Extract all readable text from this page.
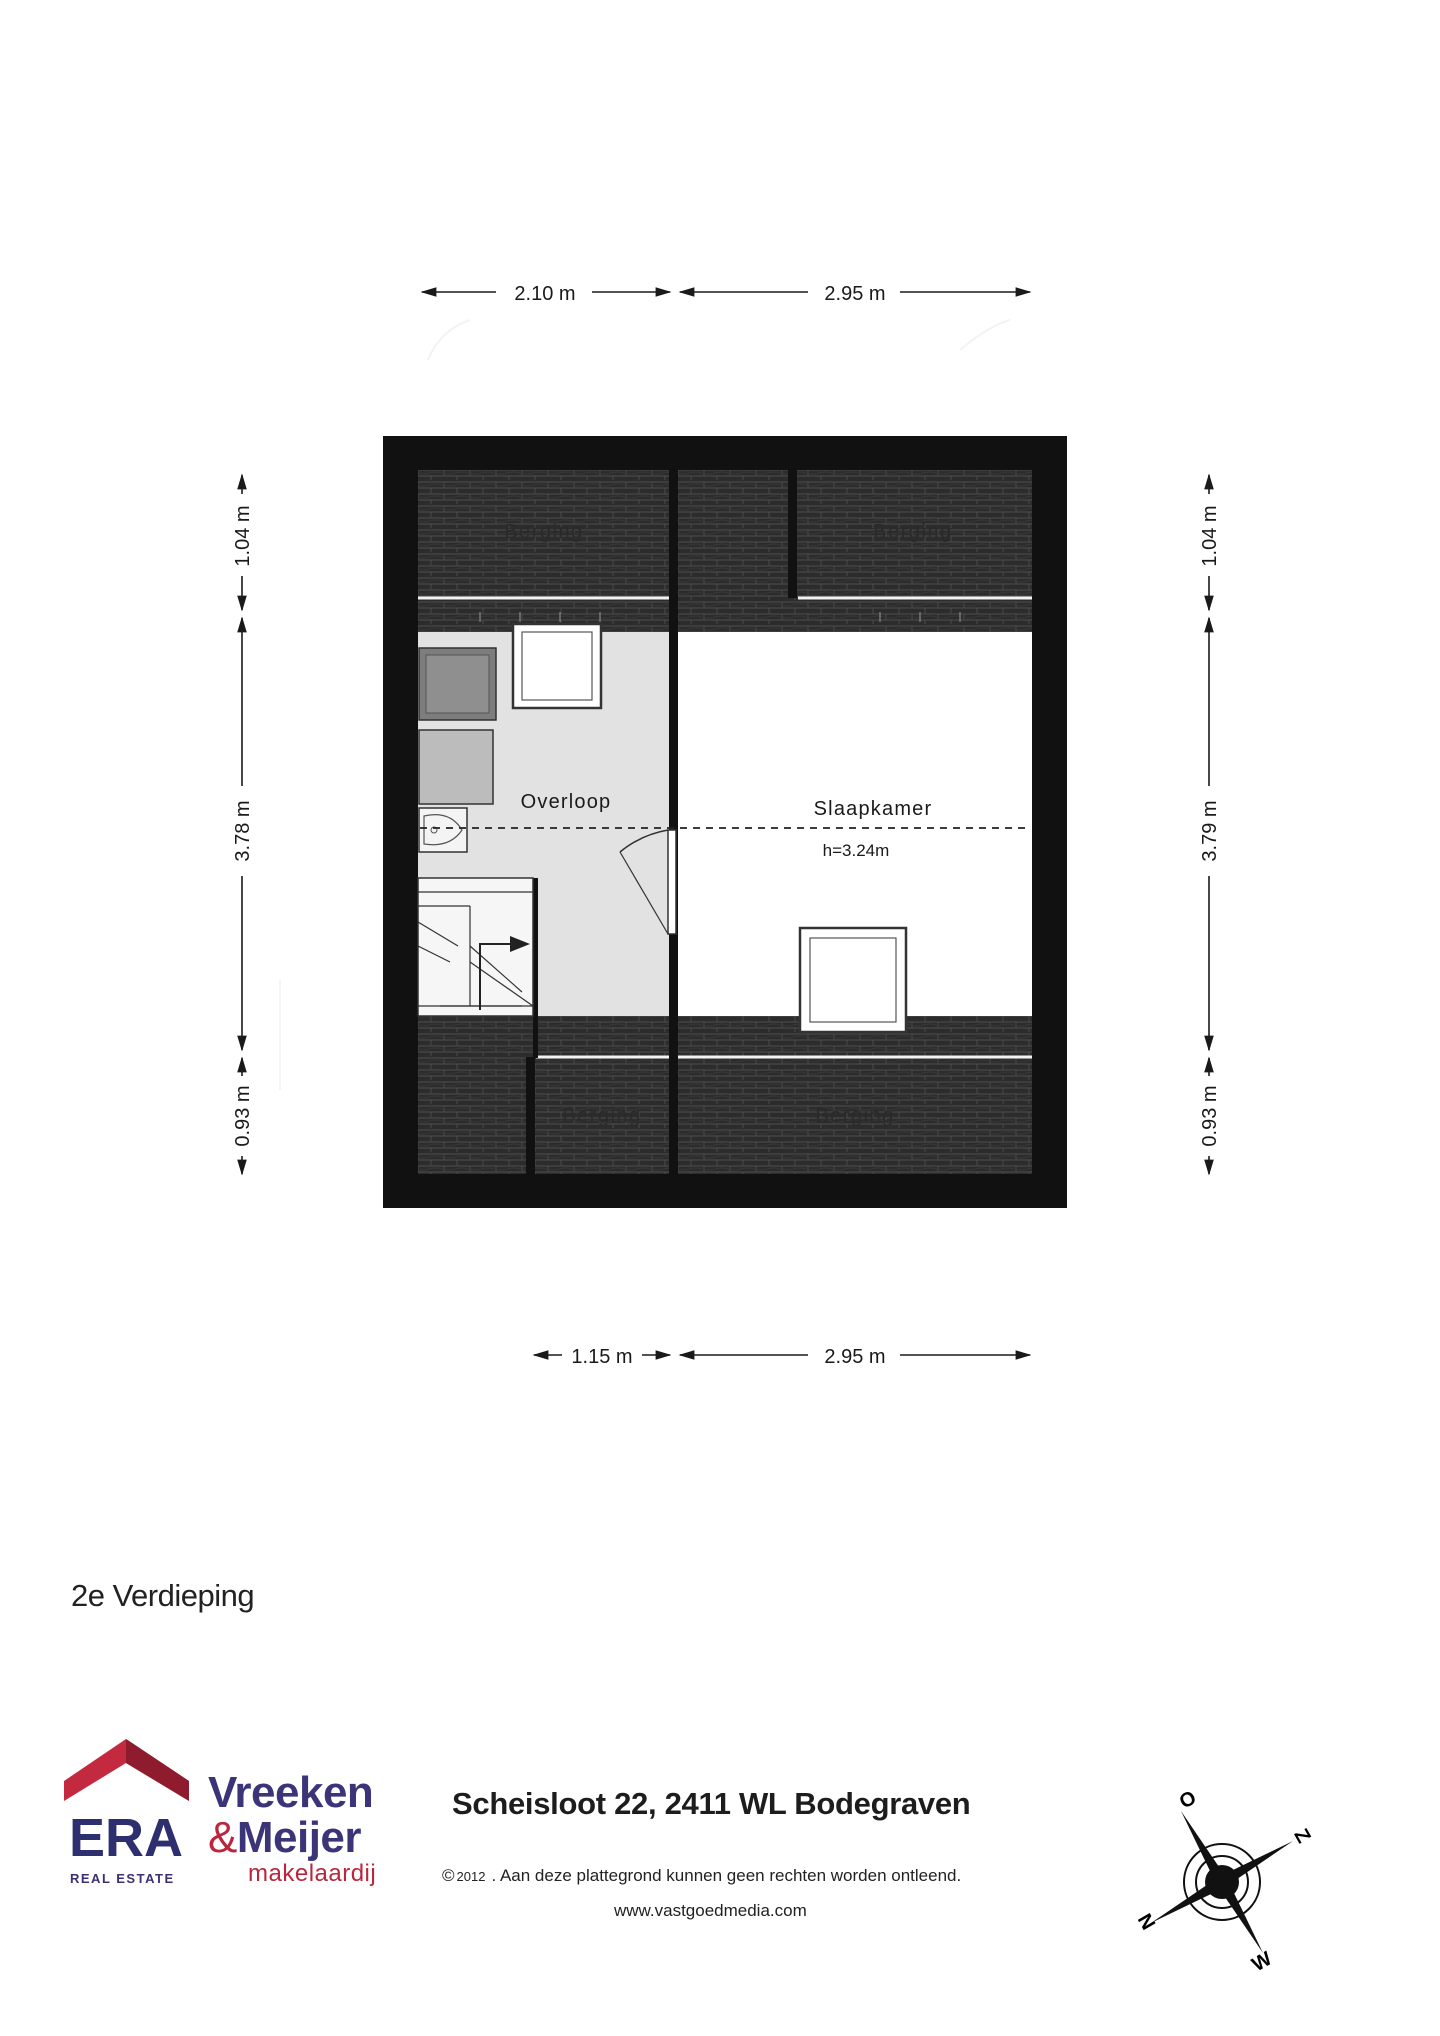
Berging	Berging
Berging	Berging
Overloop	Slaapkamer
h=3.24m
2.10 m	2.95 m
1.15 m	2.95 m
1.04 m
3.78 m
0.93 m
1.04 m
3.79 m
0.93 m
2e Verdieping
ERA
REAL ESTATE
Vreeken
&Meijer
makelaardij
Scheisloot 22, 2411 WL Bodegraven
© 2012 . Aan deze plattegrond kunnen geen rechten worden ontleend.
www.vastgoedmedia.com
O
Z
N
W
